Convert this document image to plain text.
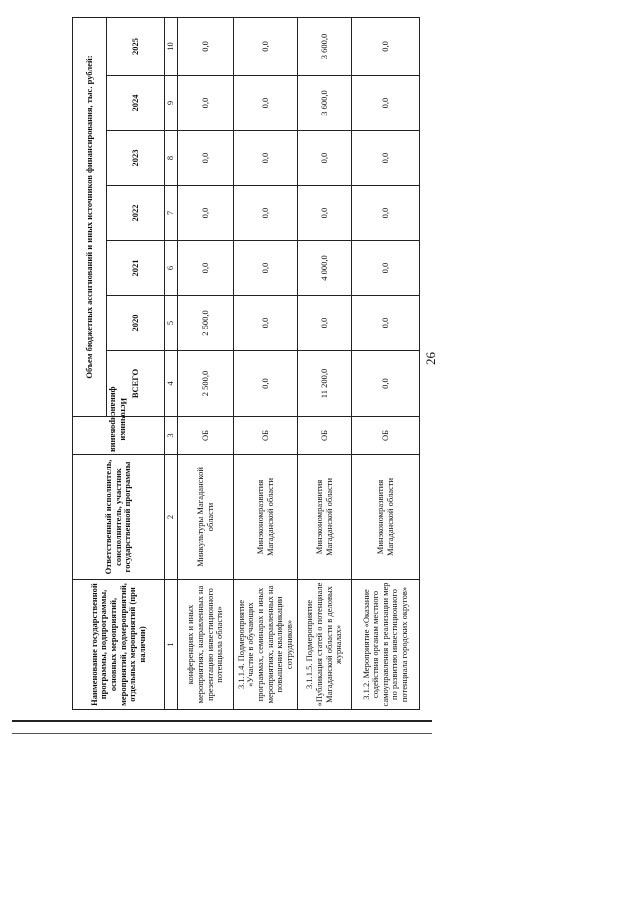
Наименование государственной программы, подпрограммы, основных мероприятий, мероприятий, подмероприятий, отдельных мероприятий (при наличии)	Ответственный исполнитель, соисполнитель, участник государственной программы	Источники финансирования	Объем бюджетных ассигнований и иных источников финансирования, тыс. рублей:						
			ВСЕГО	2020	2021	2022	2023	2024	2025
1	2	3	4	5	6	7	8	9	10
конференциях и иных мероприятиях, направленных на презентацию инвестиционного потенциала области»	Минкультуры Магаданской области	ОБ	2 500,0	2 500,0	0,0	0,0	0,0	0,0	0,0
3.1.1.4. Подмероприятие «Участие в обучающих программах, семинарах и иных мероприятиях, направленных на повышение квалификации сотрудников»	Минэкономразвития Магаданской области	ОБ	0,0	0,0	0,0	0,0	0,0	0,0	0,0
3.1.1.5. Подмероприятие «Публикация статей о потенциале Магаданской области в деловых журналах»	Минэкономразвития Магаданской области	ОБ	11 200,0	0,0	4 000,0	0,0	0,0	3 600,0	3 600,0
3.1.2. Мероприятие «Оказание содействия органам местного самоуправления в реализации мер по развитию инвестиционного потенциала городских округов»	Минэкономразвития Магаданской области	ОБ	0,0	0,0	0,0	0,0	0,0	0,0	0,0
26
